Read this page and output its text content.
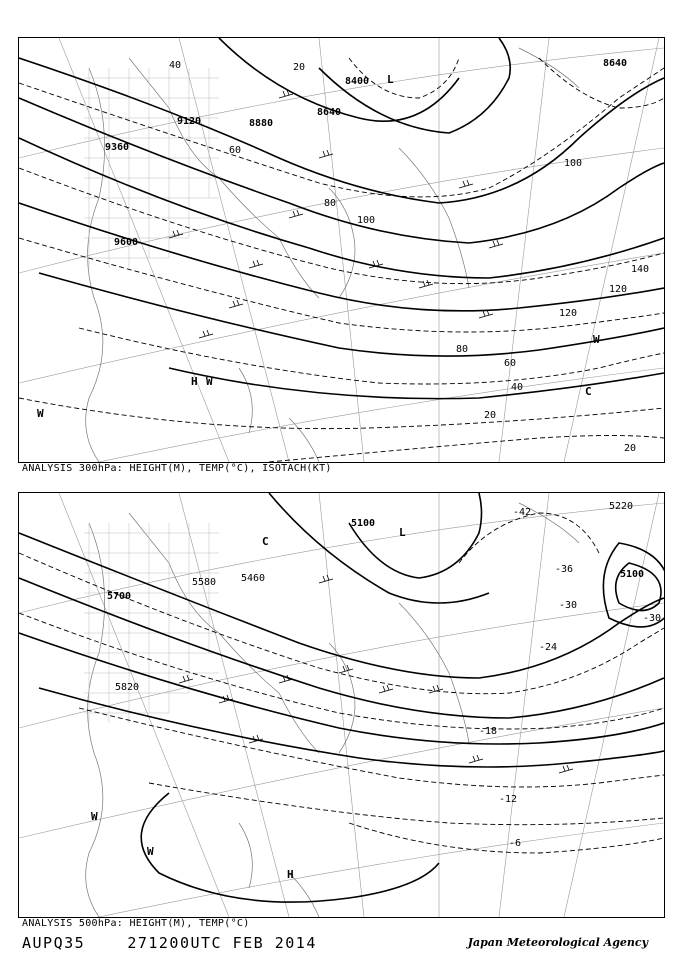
8400
8640
8640
8880
9120
9360
9600
20
40
60
80
100
120
140
120
100
80
60
40
20
20
L
H W
W
W
C
ANALYSIS 300hPa: HEIGHT(M), TEMP(°C), ISOTACH(KT)
5100
5220
5100
5460
5580
5700
5820
-42
-36
-30
-30
-24
-18
-12
-6
L
C
W
W
H
ANALYSIS 500hPa: HEIGHT(M), TEMP(°C)
AUPQ35	271200UTC FEB 2014	Japan Meteorological Agency
